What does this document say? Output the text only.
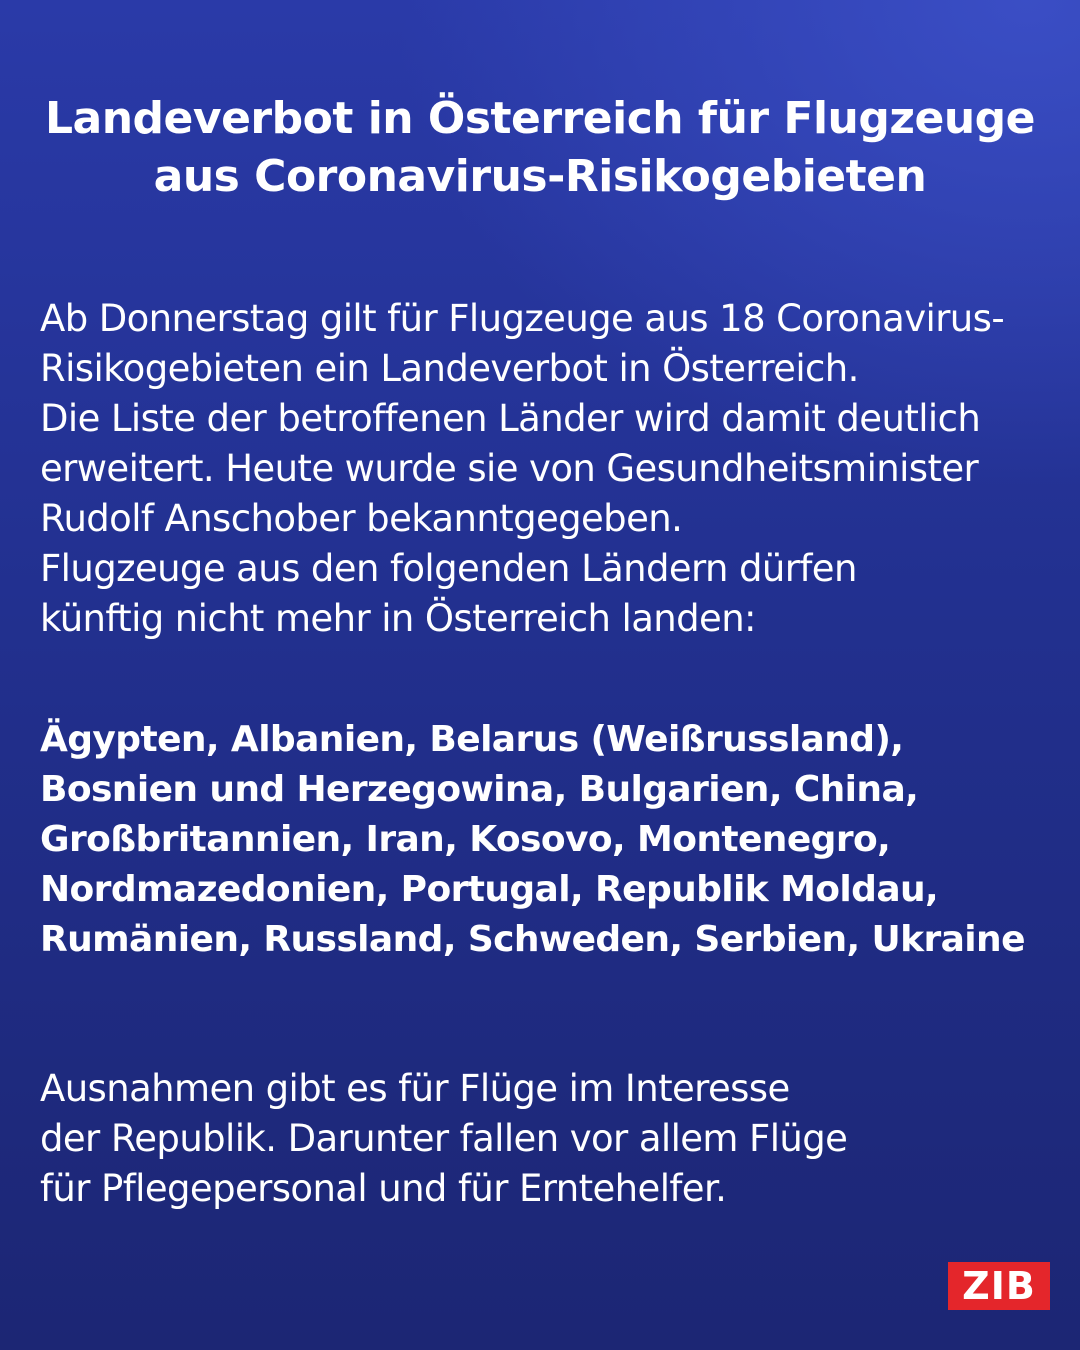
Landeverbot in Österreich für Flugzeuge
aus Coronavirus-Risikogebieten
Ab Donnerstag gilt für Flugzeuge aus 18 Coronavirus-
Risikogebieten ein Landeverbot in Österreich.
Die Liste der betroffenen Länder wird damit deutlich
erweitert. Heute wurde sie von Gesundheitsminister
Rudolf Anschober bekanntgegeben.
Flugzeuge aus den folgenden Ländern dürfen
künftig nicht mehr in Österreich landen:
Ägypten, Albanien, Belarus (Weißrussland),
Bosnien und Herzegowina, Bulgarien, China,
Großbritannien, Iran, Kosovo, Montenegro,
Nordmazedonien, Portugal, Republik Moldau,
Rumänien, Russland, Schweden, Serbien, Ukraine
Ausnahmen gibt es für Flüge im Interesse
der Republik. Darunter fallen vor allem Flüge
für Pflegepersonal und für Erntehelfer.
ZIB
